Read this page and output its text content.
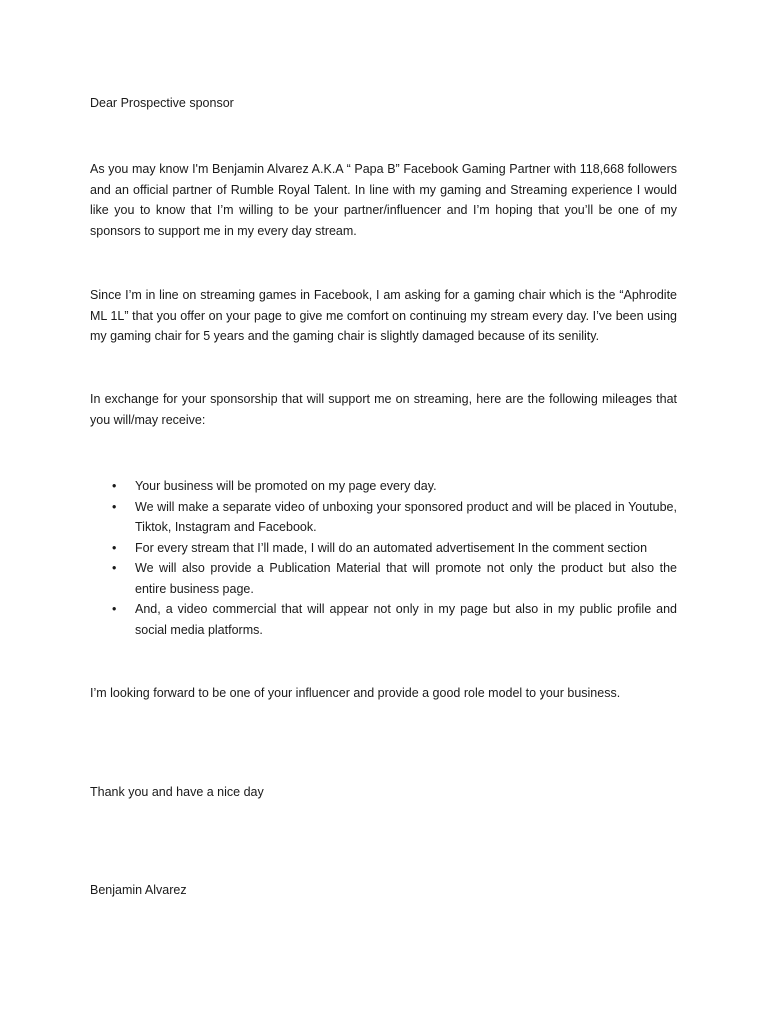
Dear Prospective sponsor

As you may know I'm Benjamin Alvarez A.K.A “ Papa B” Facebook Gaming Partner with 118,668 followers and an official partner of Rumble Royal Talent. In line with my gaming and Streaming experience I would like you to know that I’m willing to be your partner/influencer and I’m hoping that you’ll be one of my sponsors to support me in my every day stream.

Since I’m in line on streaming games in Facebook, I am asking for a gaming chair which is the “Aphrodite ML 1L” that you offer on your page to give me comfort on continuing my stream every day. I’ve been using my gaming chair for 5 years and the gaming chair is slightly damaged because of its senility.

In exchange for your sponsorship that will support me on streaming, here are the following mileages that you will/may receive:

• Your business will be promoted on my page every day.
• We will make a separate video of unboxing your sponsored product and will be placed in Youtube, Tiktok, Instagram and Facebook.
• For every stream that I’ll made, I will do an automated advertisement In the comment section
• We will also provide a Publication Material that will promote not only the product but also the entire business page.
• And, a video commercial that will appear not only in my page but also in my public profile and social media platforms.

I’m looking forward to be one of your influencer and provide a good role model to your business.

Thank you and have a nice day

Benjamin Alvarez
